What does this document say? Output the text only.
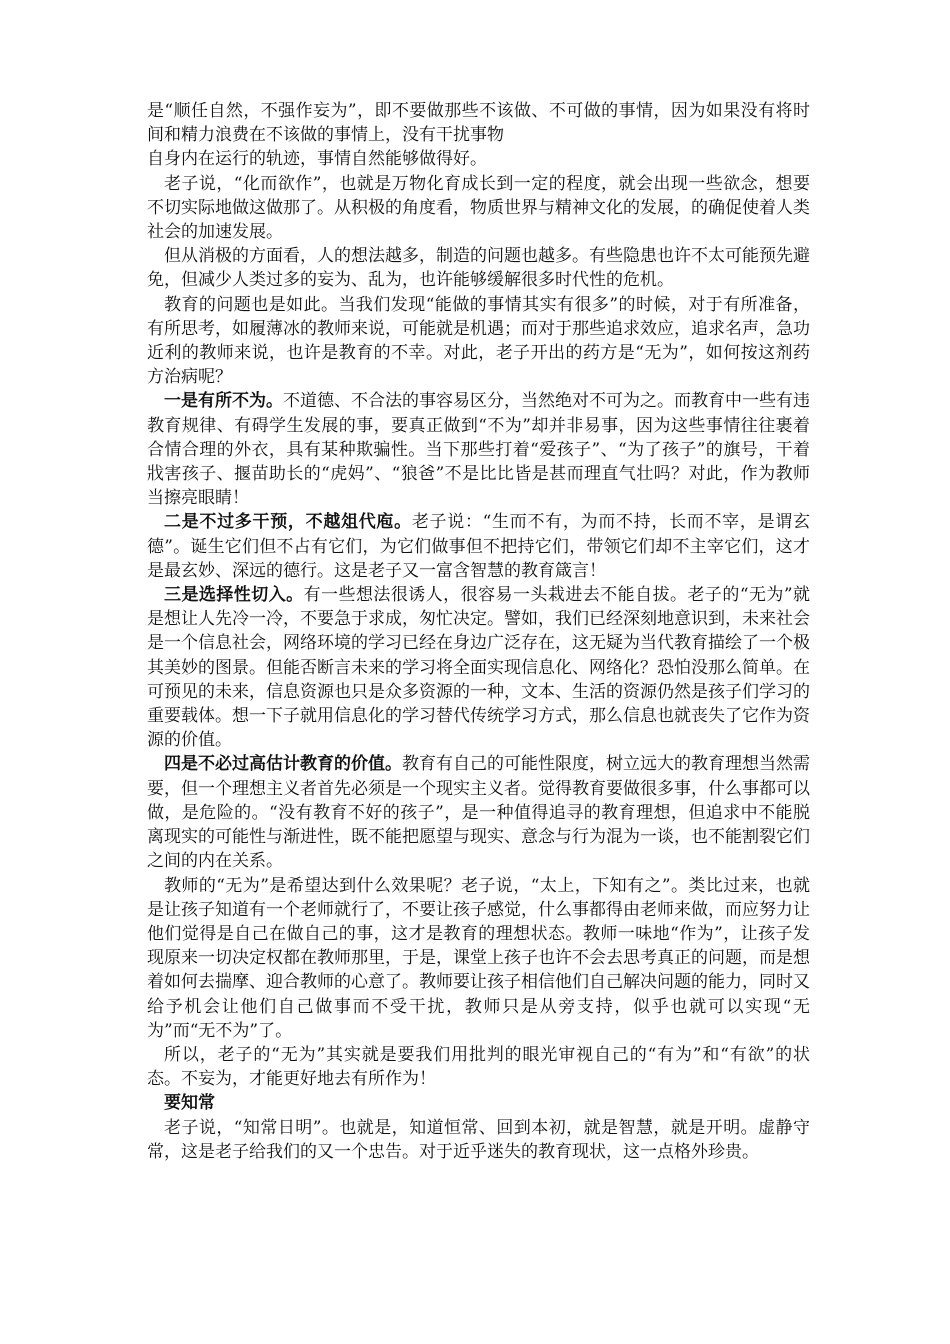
是“顺任自然，不强作妄为”，即不要做那些不该做、不可做的事情，因为如果没有将时间和精力浪费在不该做的事情上，没有干扰事物

自身内在运行的轨迹，事情自然能够做得好。

老子说，“化而欲作”，也就是万物化育成长到一定的程度，就会出现一些欲念，想要不切实际地做这做那了。从积极的角度看，物质世界与精神文化的发展，的确促使着人类社会的加速发展。

但从消极的方面看，人的想法越多，制造的问题也越多。有些隐患也许不太可能预先避免，但减少人类过多的妄为、乱为，也许能够缓解很多时代性的危机。

教育的问题也是如此。当我们发现“能做的事情其实有很多”的时候，对于有所准备，有所思考，如履薄冰的教师来说，可能就是机遇；而对于那些追求效应，追求名声，急功近利的教师来说，也许是教育的不幸。对此，老子开出的药方是“无为”，如何按这剂药方治病呢？

一是有所不为。不道德、不合法的事容易区分，当然绝对不可为之。而教育中一些有违教育规律、有碍学生发展的事，要真正做到“不为”却并非易事，因为这些事情往往裹着合情合理的外衣，具有某种欺骗性。当下那些打着“爱孩子”、“为了孩子”的旗号，干着戕害孩子、揠苗助长的“虎妈”、“狼爸”不是比比皆是甚而理直气壮吗？对此，作为教师当擦亮眼睛！

二是不过多干预，不越俎代庖。老子说：“生而不有，为而不持，长而不宰，是谓玄德”。诞生它们但不占有它们，为它们做事但不把持它们，带领它们却不主宰它们，这才是最玄妙、深远的德行。这是老子又一富含智慧的教育箴言！

三是选择性切入。有一些想法很诱人，很容易一头栽进去不能自拔。老子的“无为”就是想让人先冷一冷，不要急于求成，匆忙决定。譬如，我们已经深刻地意识到，未来社会是一个信息社会，网络环境的学习已经在身边广泛存在，这无疑为当代教育描绘了一个极其美妙的图景。但能否断言未来的学习将全面实现信息化、网络化？恐怕没那么简单。在可预见的未来，信息资源也只是众多资源的一种，文本、生活的资源仍然是孩子们学习的重要载体。想一下子就用信息化的学习替代传统学习方式，那么信息也就丧失了它作为资源的价值。

四是不必过高估计教育的价值。教育有自己的可能性限度，树立远大的教育理想当然需要，但一个理想主义者首先必须是一个现实主义者。觉得教育要做很多事，什么事都可以做，是危险的。“没有教育不好的孩子”，是一种值得追寻的教育理想，但追求中不能脱离现实的可能性与渐进性，既不能把愿望与现实、意念与行为混为一谈，也不能割裂它们之间的内在关系。

教师的“无为”是希望达到什么效果呢？老子说，“太上，下知有之”。类比过来，也就是让孩子知道有一个老师就行了，不要让孩子感觉，什么事都得由老师来做，而应努力让他们觉得是自己在做自己的事，这才是教育的理想状态。教师一味地“作为”，让孩子发现原来一切决定权都在教师那里，于是，课堂上孩子也许不会去思考真正的问题，而是想着如何去揣摩、迎合教师的心意了。教师要让孩子相信他们自己解决问题的能力，同时又给予机会让他们自己做事而不受干扰，教师只是从旁支持，似乎也就可以实现“无为”而“无不为”了。

所以，老子的“无为”其实就是要我们用批判的眼光审视自己的“有为”和“有欲”的状态。不妄为，才能更好地去有所作为！

要知常

老子说，“知常日明”。也就是，知道恒常、回到本初，就是智慧，就是开明。虚静守常，这是老子给我们的又一个忠告。对于近乎迷失的教育现状，这一点格外珍贵。
